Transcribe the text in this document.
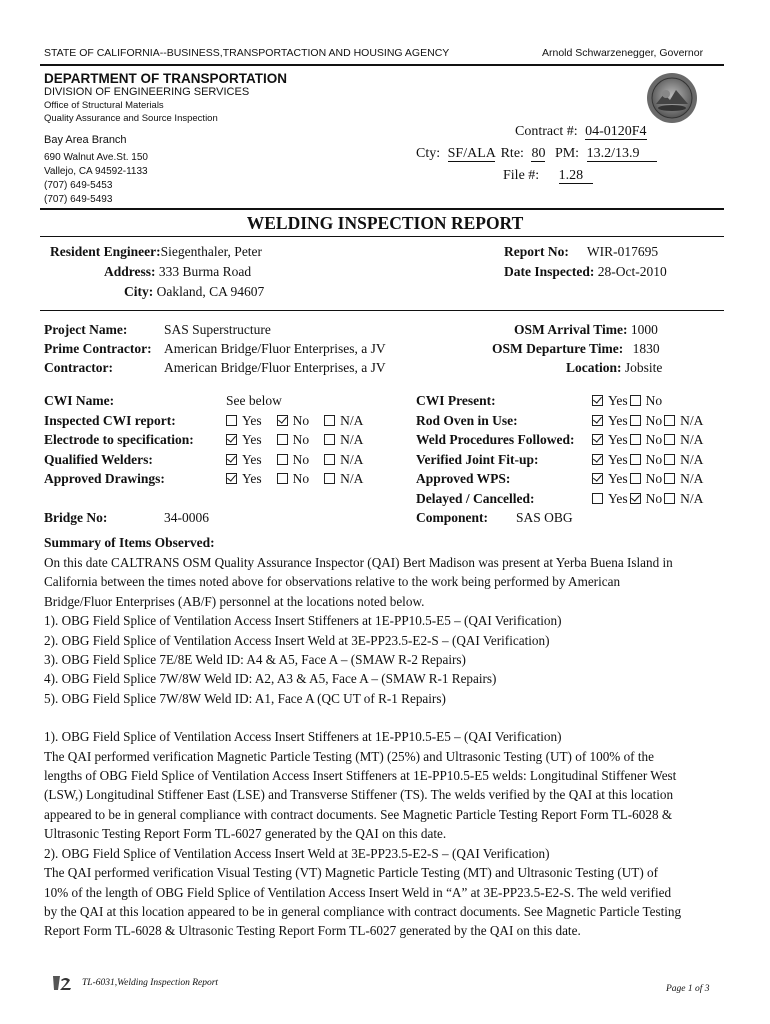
STATE OF CALIFORNIA--BUSINESS,TRANSPORTACTION AND HOUSING AGENCY	Arnold Schwarzenegger, Governor
DEPARTMENT OF TRANSPORTATION
DIVISION OF ENGINEERING SERVICES
Office of Structural Materials
Quality Assurance and Source Inspection
Bay Area Branch
690 Walnut Ave.St. 150
Vallejo, CA 94592-1133
(707) 649-5453
(707) 649-5493
Contract #: 04-0120F4
Cty: SF/ALA Rte: 80 PM: 13.2/13.9
File #: 1.28
WELDING INSPECTION REPORT
Resident Engineer:Siegenthaler, Peter
Address: 333 Burma Road
City: Oakland, CA 94607
Report No: WIR-017695
Date Inspected: 28-Oct-2010
Project Name:	SAS Superstructure
Prime Contractor: American Bridge/Fluor Enterprises, a JV
Contractor:	American Bridge/Fluor Enterprises, a JV
OSM Arrival Time: 1000
OSM Departure Time: 1830
Location: Jobsite
CWI Name:	See below
Inspected CWI report:	Yes No N/A
Electrode to specification:	Yes No N/A
Qualified Welders:	Yes No N/A
Approved Drawings:	Yes No N/A
CWI Present:	Yes No
Rod Oven in Use:	Yes No N/A
Weld Procedures Followed:	Yes No N/A
Verified Joint Fit-up:	Yes No N/A
Approved WPS:	Yes No N/A
Delayed / Cancelled:	Yes No N/A
Bridge No:	34-0006	Component: SAS OBG
Summary of Items Observed:

On this date CALTRANS OSM Quality Assurance Inspector (QAI) Bert Madison was present at Yerba Buena Island in California between the times noted above for observations relative to the work being performed by American Bridge/Fluor Enterprises (AB/F) personnel at the locations noted below.

1). OBG Field Splice of Ventilation Access Insert Stiffeners at 1E-PP10.5-E5 – (QAI Verification)

2). OBG Field Splice of Ventilation Access Insert Weld at 3E-PP23.5-E2-S – (QAI Verification)

3). OBG Field Splice 7E/8E Weld ID: A4 & A5, Face A – (SMAW R-2 Repairs)

4). OBG Field Splice 7W/8W Weld ID: A2, A3 & A5, Face A – (SMAW R-1 Repairs)

5). OBG Field Splice 7W/8W Weld ID: A1, Face A (QC UT of R-1 Repairs)

1). OBG Field Splice of Ventilation Access Insert Stiffeners at 1E-PP10.5-E5 – (QAI Verification)

The QAI performed verification Magnetic Particle Testing (MT) (25%) and Ultrasonic Testing (UT) of 100% of the lengths of OBG Field Splice of Ventilation Access Insert Stiffeners at 1E-PP10.5-E5 welds: Longitudinal Stiffener West (LSW,) Longitudinal Stiffener East (LSE) and Transverse Stiffener (TS). The welds verified by the QAI at this location appeared to be in general compliance with contract documents. See Magnetic Particle Testing Report Form TL-6028 & Ultrasonic Testing Report Form TL-6027 generated by the QAI on this date.

2). OBG Field Splice of Ventilation Access Insert Weld at 3E-PP23.5-E2-S – (QAI Verification)

The QAI performed verification Visual Testing (VT) Magnetic Particle Testing (MT) and Ultrasonic Testing (UT) of 10% of the length of OBG Field Splice of Ventilation Access Insert Weld in “A” at 3E-PP23.5-E2-S. The weld verified by the QAI at this location appeared to be in general compliance with contract documents. See Magnetic Particle Testing Report Form TL-6028 & Ultrasonic Testing Report Form TL-6027 generated by the QAI on this date.

TL-6031,Welding Inspection Report
Page 1 of 3
